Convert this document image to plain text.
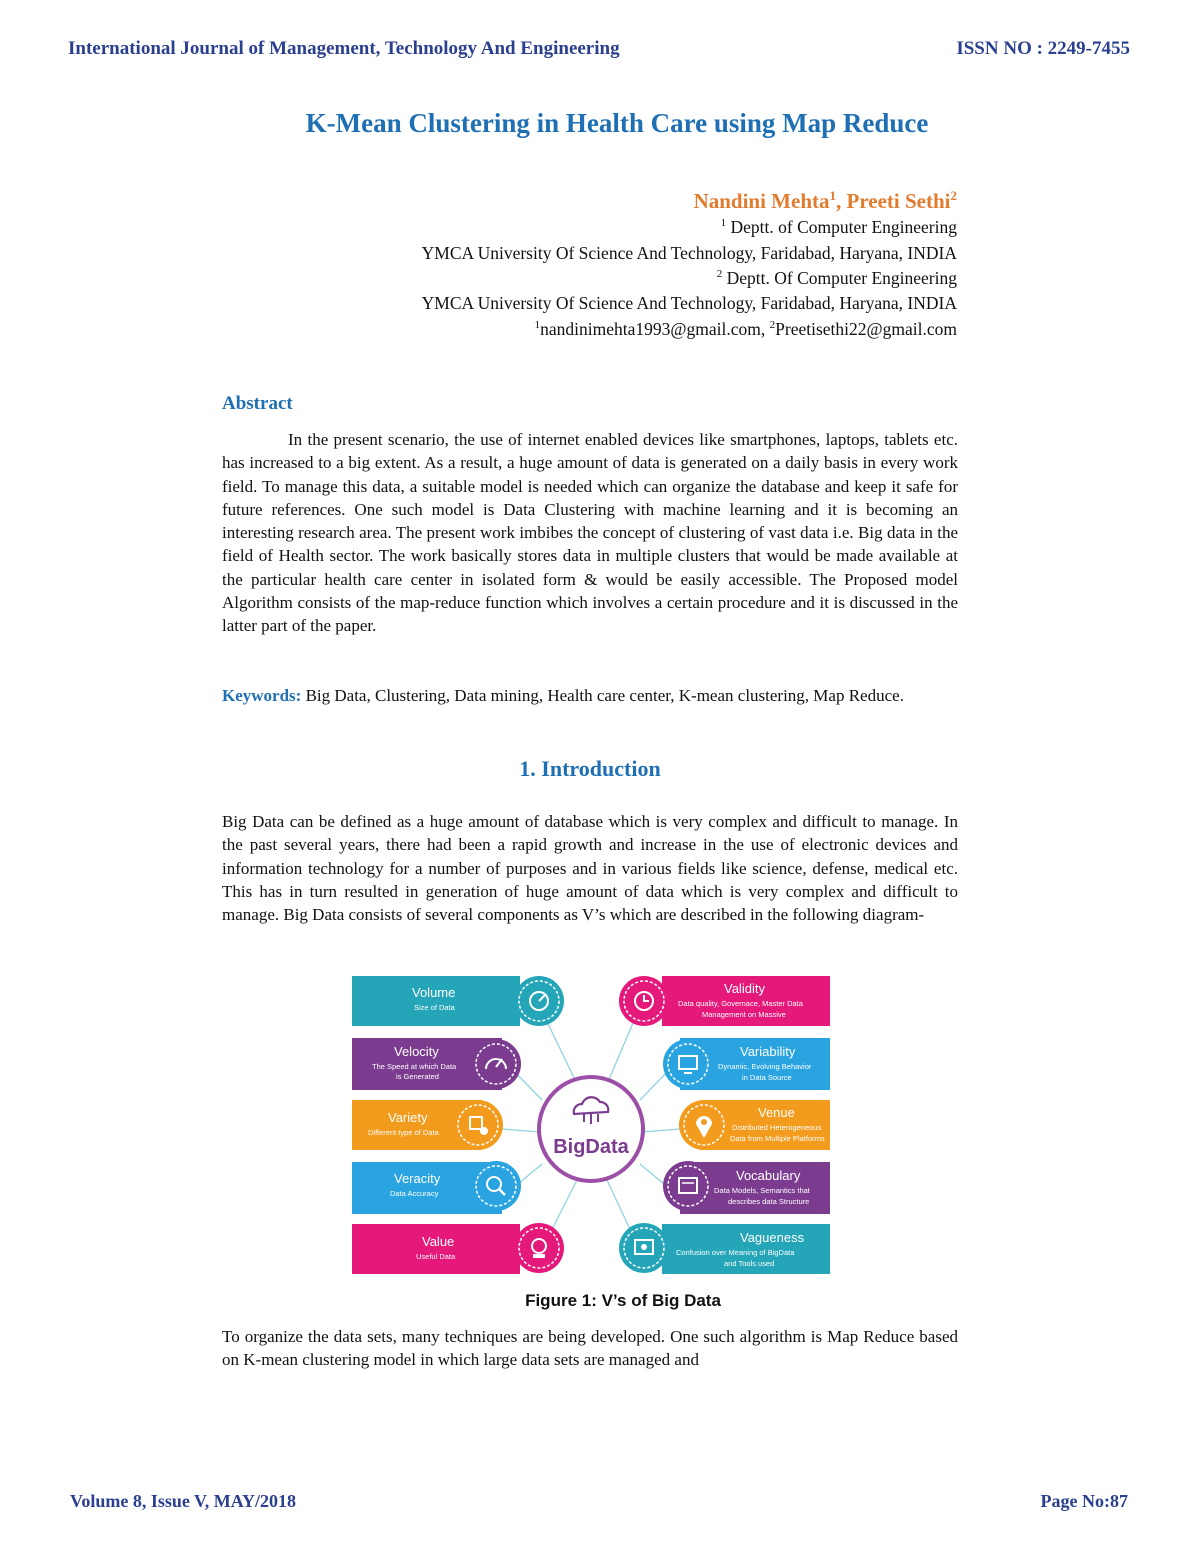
International Journal of Management, Technology And Engineering	ISSN NO : 2249-7455
K-Mean Clustering in Health Care using Map Reduce
Nandini Mehta$^1$, Preeti Sethi$^2$
$^1$ Deptt. of Computer Engineering
YMCA University Of Science And Technology, Faridabad, Haryana, INDIA
$^2$ Deptt. Of Computer Engineering
YMCA University Of Science And Technology, Faridabad, Haryana, INDIA
$^1$nandinimehta1993@gmail.com, $^2$Preetisethi22@gmail.com
Abstract
In the present scenario, the use of internet enabled devices like smartphones, laptops, tablets etc. has increased to a big extent. As a result, a huge amount of data is generated on a daily basis in every work field. To manage this data, a suitable model is needed which can organize the database and keep it safe for future references. One such model is Data Clustering with machine learning and it is becoming an interesting research area. The present work imbibes the concept of clustering of vast data i.e. Big data in the field of Health sector. The work basically stores data in multiple clusters that would be made available at the particular health care center in isolated form & would be easily accessible. The Proposed model Algorithm consists of the map-reduce function which involves a certain procedure and it is discussed in the latter part of the paper.
Keywords: Big Data, Clustering, Data mining, Health care center, K-mean clustering, Map Reduce.
1. Introduction
Big Data can be defined as a huge amount of database which is very complex and difficult to manage. In the past several years, there had been a rapid growth and increase in the use of electronic devices and information technology for a number of purposes and in various fields like science, defense, medical etc. This has in turn resulted in generation of huge amount of data which is very complex and difficult to manage. Big Data consists of several components as V’s which are described in the following diagram-
Volume
Size of Data
Velocity
The Speed at which Data
is Generated
Variety
Different type of Data
Veracity
Data Accuracy
Value
Useful Data
Validity
Data quality, Governace, Master Data
Management on Massive
Variability
Dynamic, Evolving Behavior
in Data Source
Venue
Distributed Heterogeneous
Data from Multiple Platforms
Vocabulary
Data Models, Semantics that
describes data Structure
Vagueness
Confusion over Meaning of BigData
and Tools used
BigData
Figure 1: V’s of Big Data
To organize the data sets, many techniques are being developed. One such algorithm is Map Reduce based on K-mean clustering model in which large data sets are managed and
Volume 8, Issue V, MAY/2018	Page No:87
